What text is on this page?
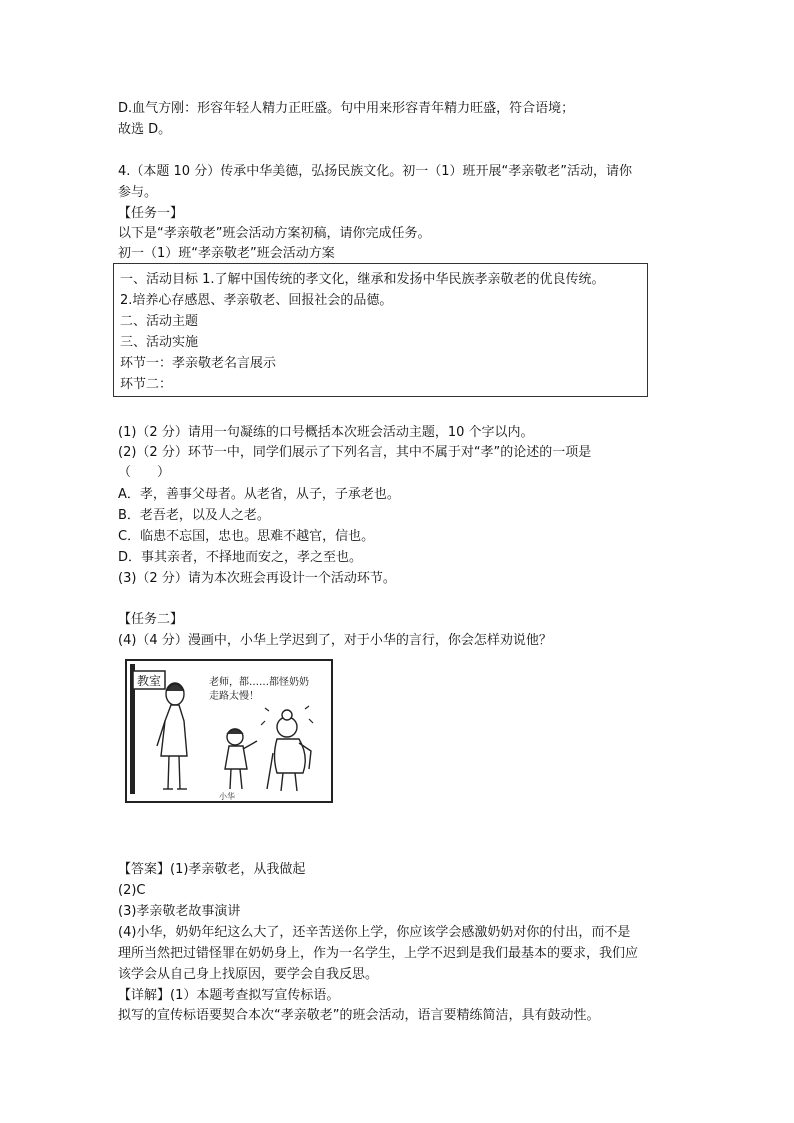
D.血气方刚：形容年轻人精力正旺盛。句中用来形容青年精力旺盛，符合语境；
故选 D。
4.（本题 10 分）传承中华美德，弘扬民族文化。初一（1）班开展“孝亲敬老”活动，请你
参与。
【任务一】
以下是“孝亲敬老”班会活动方案初稿，请你完成任务。
初一（1）班“孝亲敬老”班会活动方案
一、活动目标 1.了解中国传统的孝文化，继承和发扬中华民族孝亲敬老的优良传统。
2.培养心存感恩、孝亲敬老、回报社会的品德。
二、活动主题
三、活动实施
环节一：孝亲敬老名言展示
环节二：
(1)（2 分）请用一句凝练的口号概括本次班会活动主题，10 个字以内。
(2)（2 分）环节一中，同学们展示了下列名言，其中不属于对“孝”的论述的一项是
（　　）
A．孝，善事父母者。从老省，从子，子承老也。
B．老吾老，以及人之老。
C．临患不忘国，忠也。思难不越官，信也。
D．事其亲者，不择地而安之，孝之至也。
(3)（2 分）请为本次班会再设计一个活动环节。
【任务二】
(4)（4 分）漫画中，小华上学迟到了，对于小华的言行，你会怎样劝说他？
教室	老师，都……都怪奶奶
走路太慢！
小华
【答案】(1)孝亲敬老，从我做起
(2)C
(3)孝亲敬老故事演讲
(4)小华，奶奶年纪这么大了，还辛苦送你上学，你应该学会感激奶奶对你的付出，而不是
理所当然把过错怪罪在奶奶身上，作为一名学生，上学不迟到是我们最基本的要求，我们应
该学会从自己身上找原因，要学会自我反思。
【详解】(1）本题考查拟写宣传标语。
拟写的宣传标语要契合本次“孝亲敬老”的班会活动，语言要精练简洁，具有鼓动性。
